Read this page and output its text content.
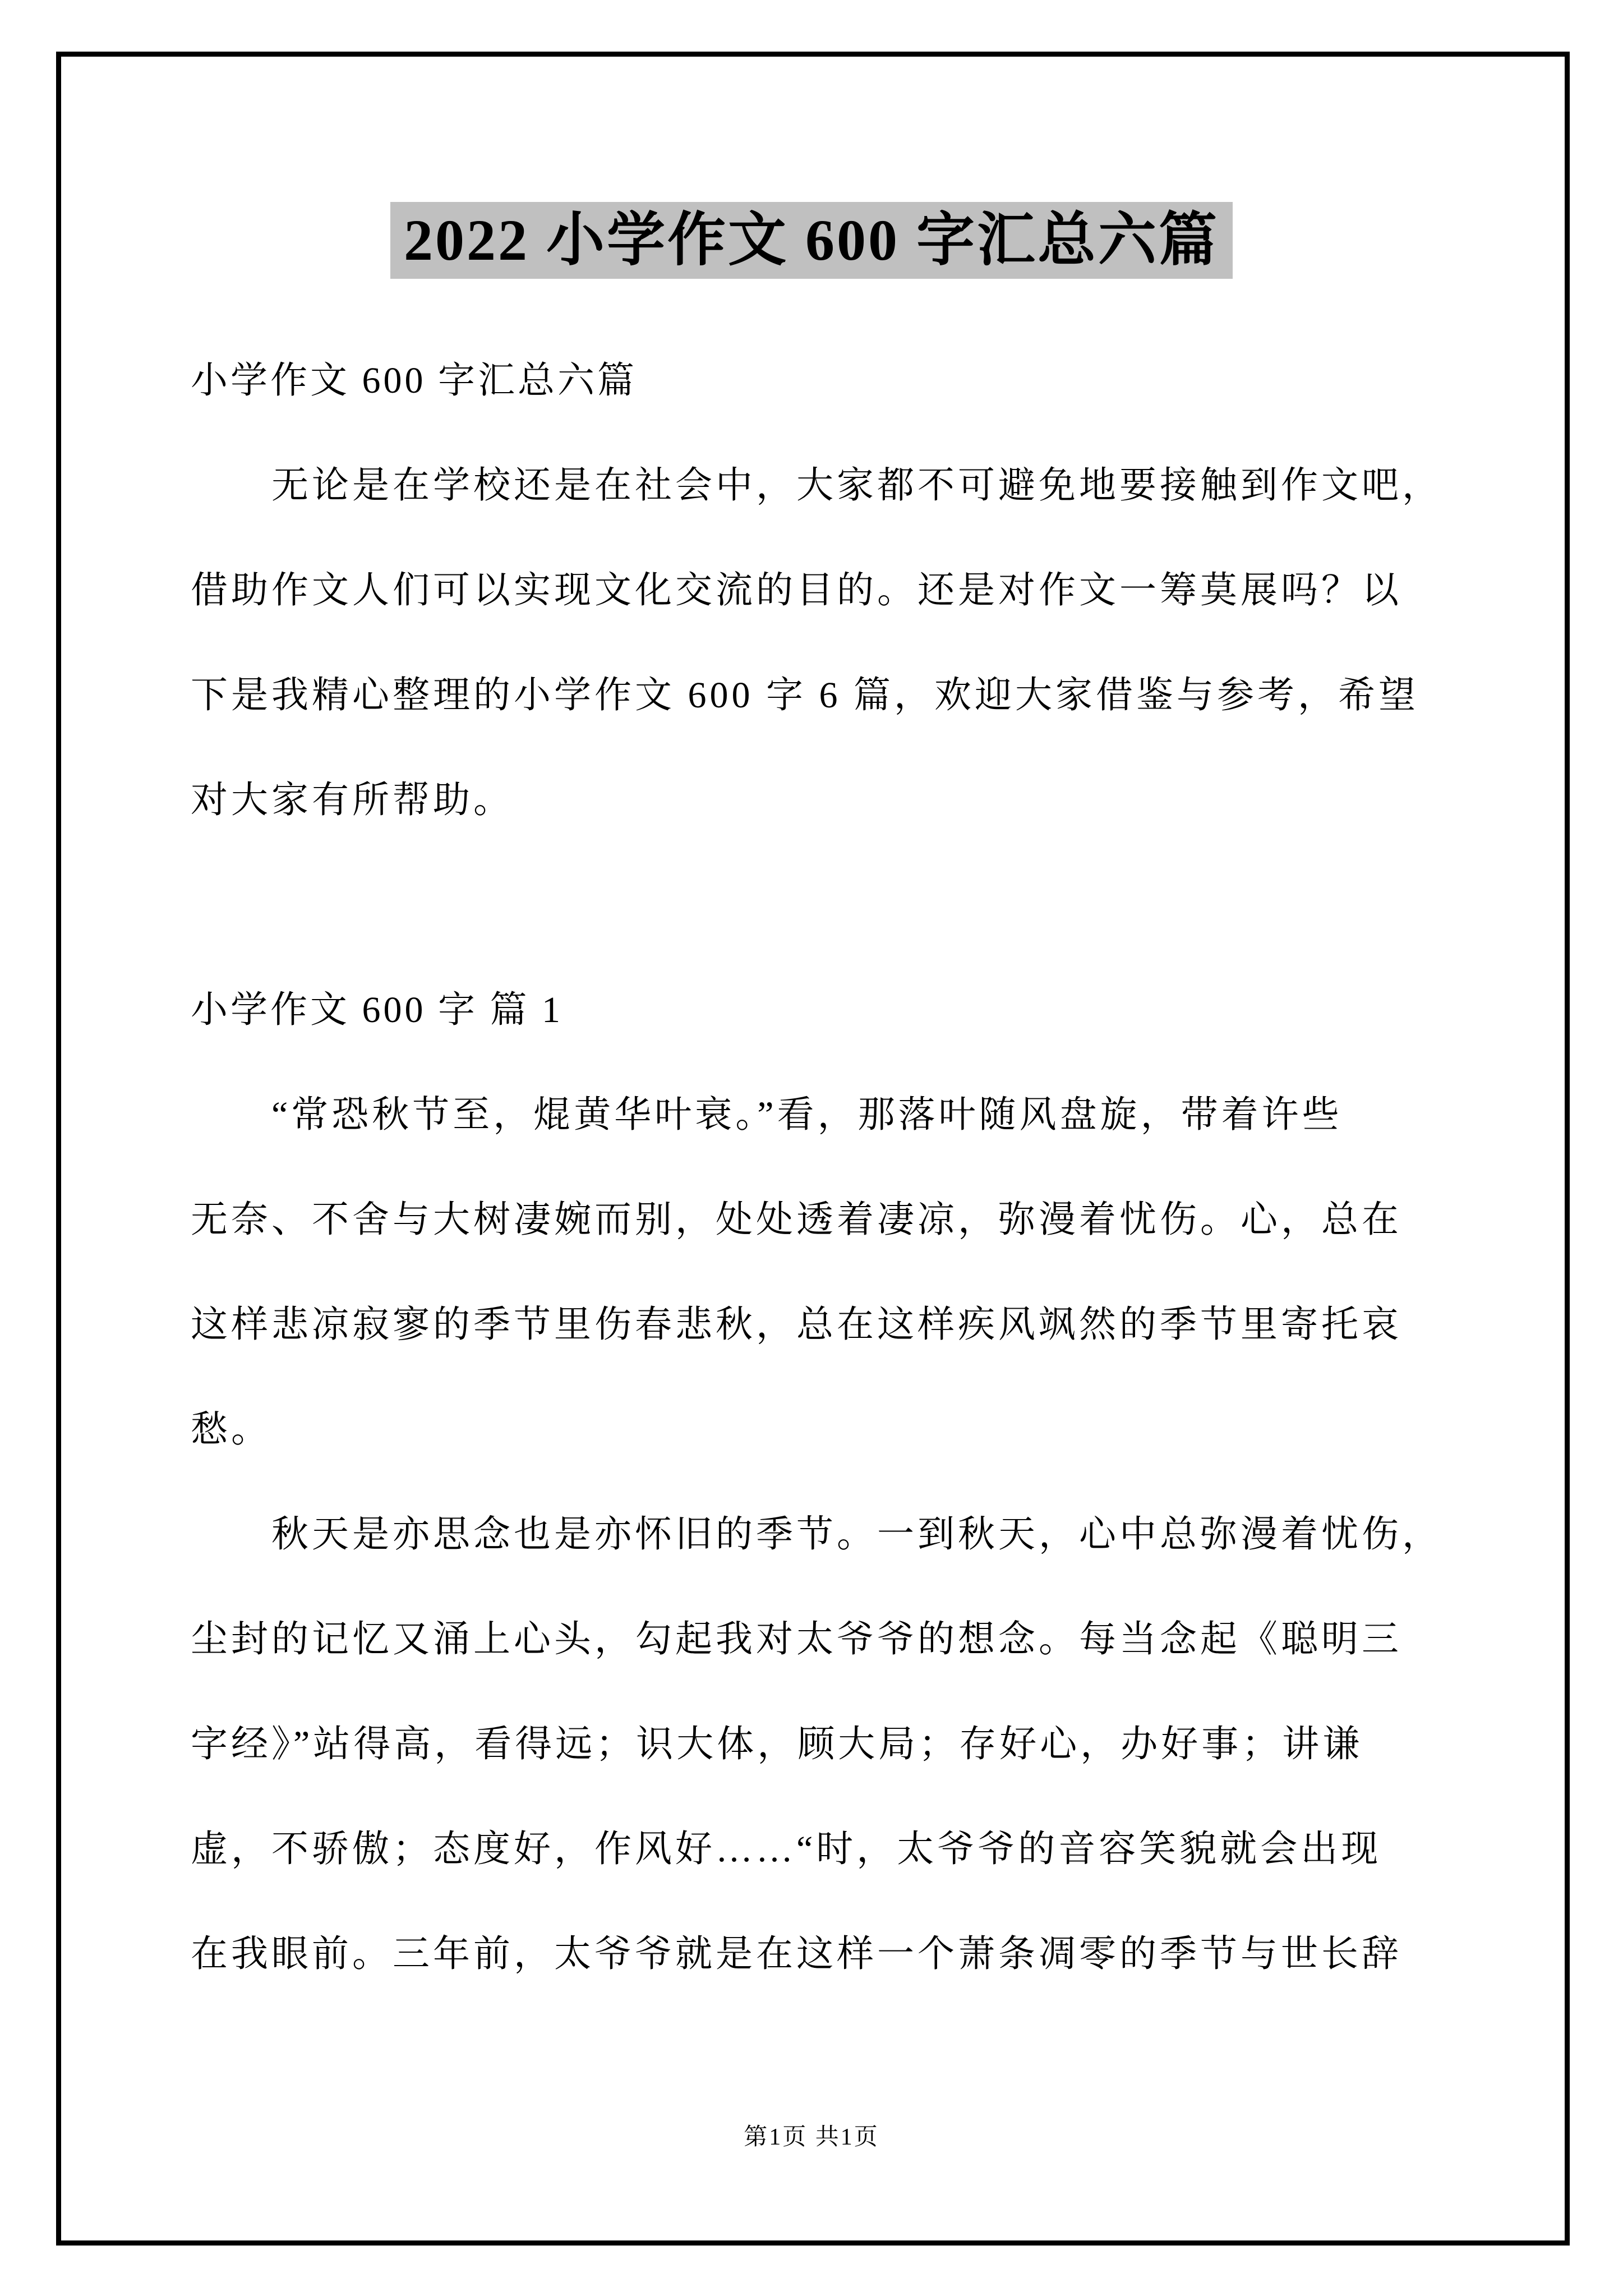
2022 小学作文 600 字汇总六篇
小学作文 600 字汇总六篇
无论是在学校还是在社会中，大家都不可避免地要接触到作文吧，
借助作文人们可以实现文化交流的目的。还是对作文一筹莫展吗？以
下是我精心整理的小学作文 600 字 6 篇，欢迎大家借鉴与参考，希望
对大家有所帮助。

小学作文 600 字 篇 1
“常恐秋节至，焜黄华叶衰。”看，那落叶随风盘旋，带着许些
无奈、不舍与大树凄婉而别，处处透着凄凉，弥漫着忧伤。心，总在
这样悲凉寂寥的季节里伤春悲秋，总在这样疾风飒然的季节里寄托哀
愁。
秋天是亦思念也是亦怀旧的季节。一到秋天，心中总弥漫着忧伤，
尘封的记忆又涌上心头，勾起我对太爷爷的想念。每当念起《聪明三
字经》”站得高，看得远；识大体，顾大局；存好心，办好事；讲谦
虚，不骄傲；态度好，作风好……“时，太爷爷的音容笑貌就会出现
在我眼前。三年前，太爷爷就是在这样一个萧条凋零的季节与世长辞
第1页 共1页
